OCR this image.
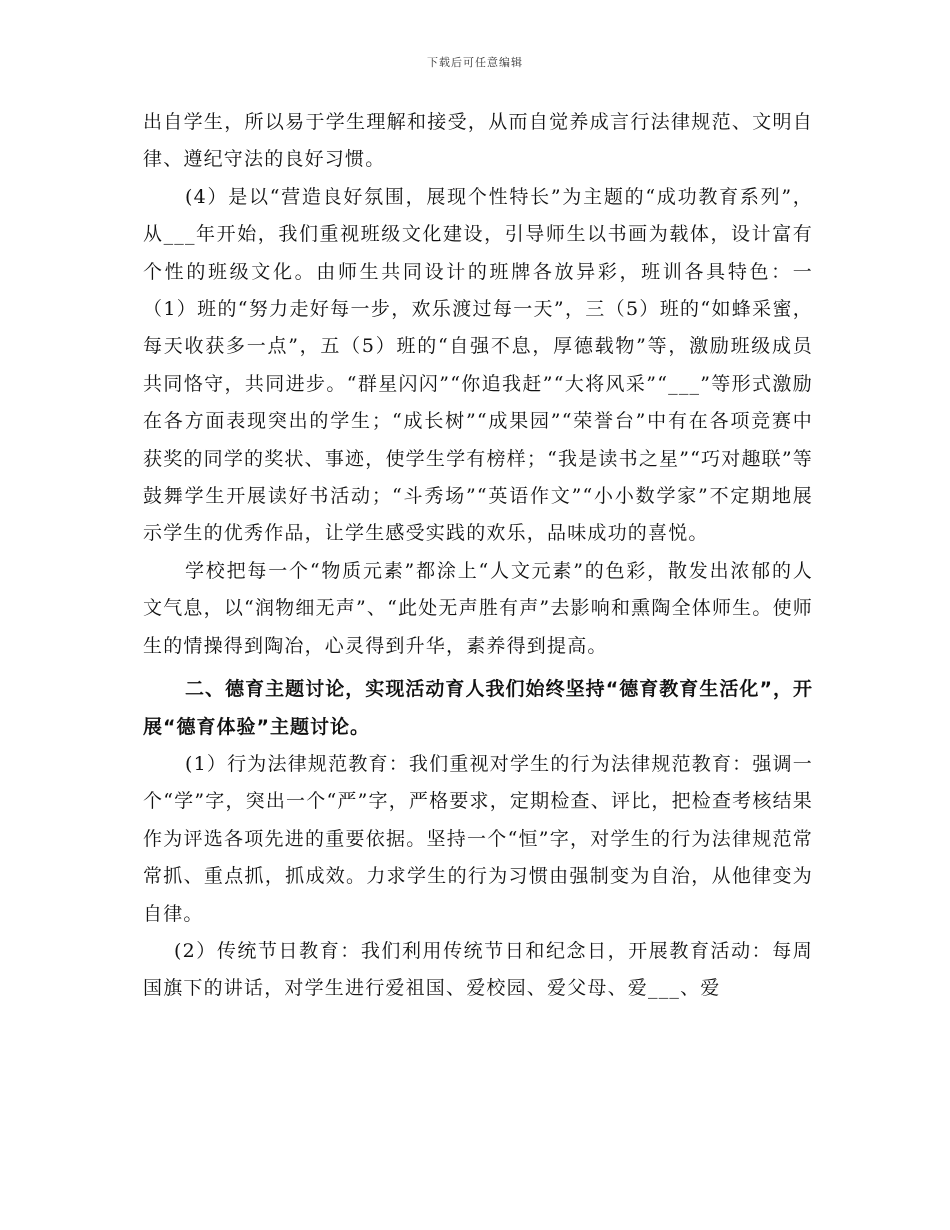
下载后可任意编辑

出自学生，所以易于学生理解和接受，从而自觉养成言行法律规范、文明自律、遵纪守法的良好习惯。

(4）是以“营造良好氛围，展现个性特长”为主题的“成功教育系列”，从___年开始，我们重视班级文化建设，引导师生以书画为载体，设计富有个性的班级文化。由师生共同设计的班牌各放异彩，班训各具特色：一（1）班的“努力走好每一步，欢乐渡过每一天”，三（5）班的“如蜂采蜜，每天收获多一点”，五（5）班的“自强不息，厚德载物”等，激励班级成员共同恪守，共同进步。“群星闪闪”“你追我赶”“大将风采”“___”等形式激励在各方面表现突出的学生；“成长树”“成果园”“荣誉台”中有在各项竞赛中获奖的同学的奖状、事迹，使学生学有榜样；“我是读书之星”“巧对趣联”等鼓舞学生开展读好书活动；“斗秀场”“英语作文”“小小数学家”不定期地展示学生的优秀作品，让学生感受实践的欢乐，品味成功的喜悦。

学校把每一个“物质元素”都涂上“人文元素”的色彩，散发出浓郁的人文气息，以“润物细无声”、“此处无声胜有声”去影响和熏陶全体师生。使师生的情操得到陶冶，心灵得到升华，素养得到提高。

二、德育主题讨论，实现活动育人我们始终坚持“德育教育生活化”，开展“德育体验”主题讨论。

(1）行为法律规范教育：我们重视对学生的行为法律规范教育：强调一个“学”字，突出一个“严”字，严格要求，定期检查、评比，把检查考核结果作为评选各项先进的重要依据。坚持一个“恒”字，对学生的行为法律规范常常抓、重点抓，抓成效。力求学生的行为习惯由强制变为自治，从他律变为自律。

(2）传统节日教育：我们利用传统节日和纪念日，开展教育活动：每周国旗下的讲话，对学生进行爱祖国、爱校园、爱父母、爱___、爱
